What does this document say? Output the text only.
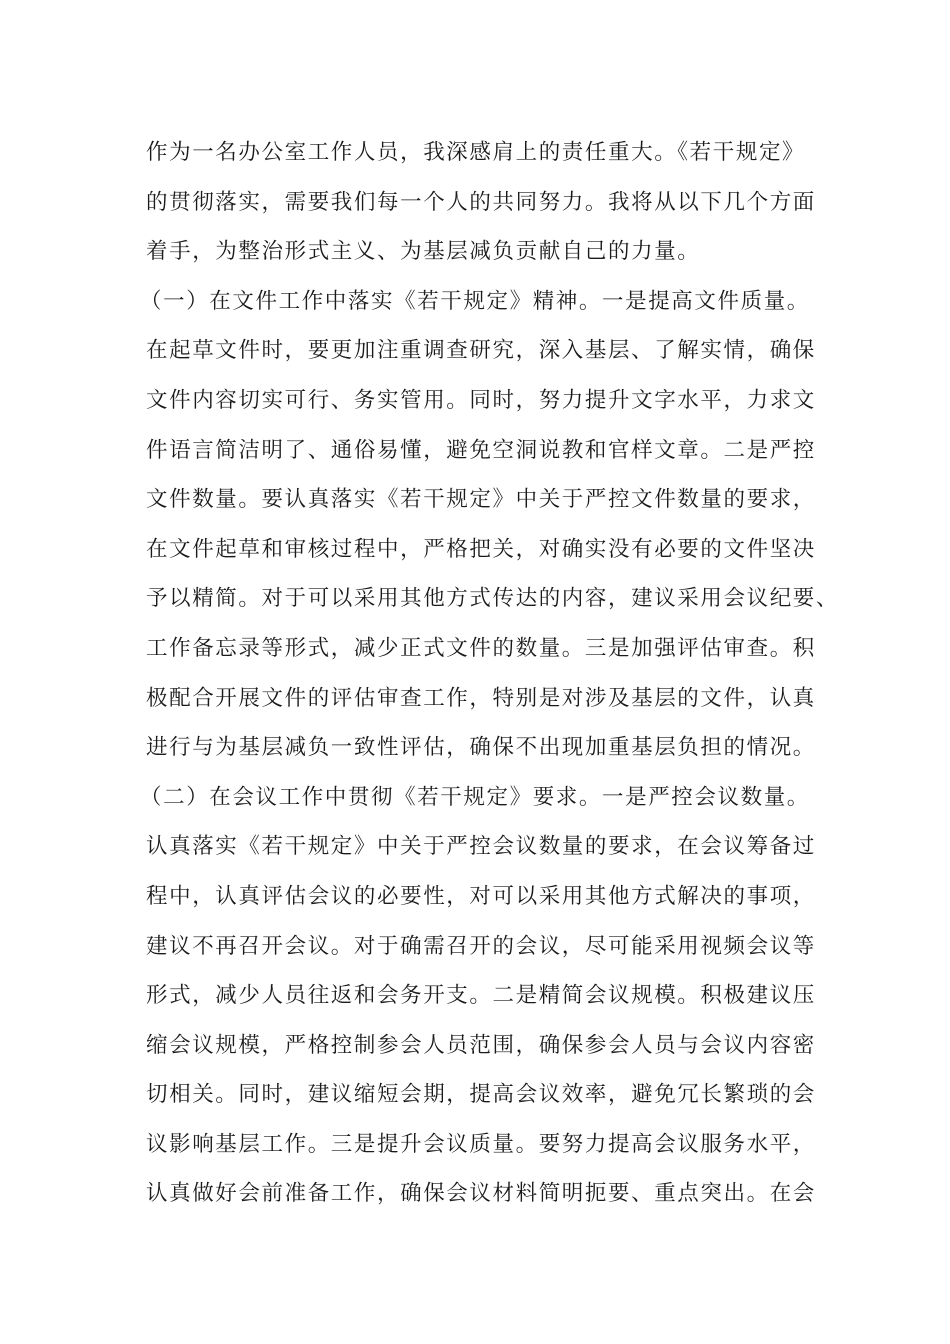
作为一名办公室工作人员，我深感肩上的责任重大。《若干规定》
的贯彻落实，需要我们每一个人的共同努力。我将从以下几个方面
着手，为整治形式主义、为基层减负贡献自己的力量。
（一）在文件工作中落实《若干规定》精神。一是提高文件质量。
在起草文件时，要更加注重调查研究，深入基层、了解实情，确保
文件内容切实可行、务实管用。同时，努力提升文字水平，力求文
件语言简洁明了、通俗易懂，避免空洞说教和官样文章。二是严控
文件数量。要认真落实《若干规定》中关于严控文件数量的要求，
在文件起草和审核过程中，严格把关，对确实没有必要的文件坚决
予以精简。对于可以采用其他方式传达的内容，建议采用会议纪要、
工作备忘录等形式，减少正式文件的数量。三是加强评估审查。积
极配合开展文件的评估审查工作，特别是对涉及基层的文件，认真
进行与为基层减负一致性评估，确保不出现加重基层负担的情况。
（二）在会议工作中贯彻《若干规定》要求。一是严控会议数量。
认真落实《若干规定》中关于严控会议数量的要求，在会议筹备过
程中，认真评估会议的必要性，对可以采用其他方式解决的事项，
建议不再召开会议。对于确需召开的会议，尽可能采用视频会议等
形式，减少人员往返和会务开支。二是精简会议规模。积极建议压
缩会议规模，严格控制参会人员范围，确保参会人员与会议内容密
切相关。同时，建议缩短会期，提高会议效率，避免冗长繁琐的会
议影响基层工作。三是提升会议质量。要努力提高会议服务水平，
认真做好会前准备工作，确保会议材料简明扼要、重点突出。在会
